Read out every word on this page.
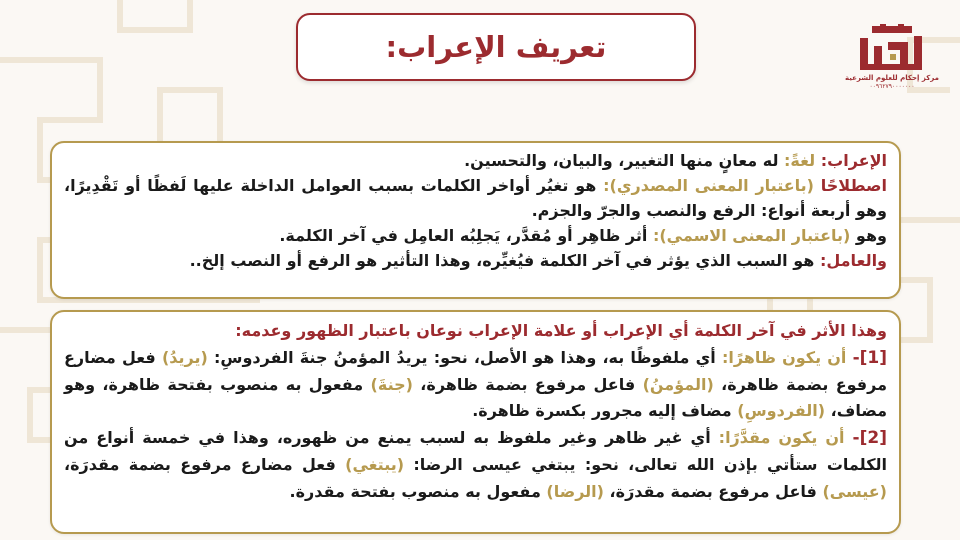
تعريف الإعراب:
مركز إحكام للعلوم الشرعية
٠٠٩٦٢٧٩٠٠٠٠٠٠٠

الإعراب: لغةً: له معانٍ منها التغيير، والبيان، والتحسين.

اصطلاحًا (باعتبار المعنى المصدري): هو تغيُر أواخر الكلمات بسبب العوامل الداخلة عليها لَفظًا أو تَقْدِيرًا، وهو أربعة أنواع: الرفع والنصب والجرّ والجزم.

وهو (باعتبار المعنى الاسمي): أثر ظاهِر أو مُقدَّر، يَجلِبُه العامِل في آخر الكلمة.

والعامل: هو السبب الذي يؤثر في آخر الكلمة فيُغيِّره، وهذا التأثير هو الرفع أو النصب إلخ..

وهذا الأثر في آخر الكلمة أي الإعراب أو علامة الإعراب نوعان باعتبار الظهور وعدمه:

[1]- أن يكون ظاهرًا: أي ملفوظًا به، وهذا هو الأصل، نحو: يريدُ المؤمنُ جنةَ الفردوسِ: (يريدُ) فعل مضارع مرفوع بضمة ظاهرة، (المؤمنُ) فاعل مرفوع بضمة ظاهرة، (جنةَ) مفعول به منصوب بفتحة ظاهرة، وهو مضاف، (الفردوسِ) مضاف إليه مجرور بكسرة ظاهرة.

[2]- أن يكون مقدَّرًا: أي غير ظاهر وغير ملفوظ به لسبب يمنع من ظهوره، وهذا في خمسة أنواع من الكلمات ستأتي بإذن الله تعالى، نحو: يبتغي عيسى الرضا: (يبتغي) فعل مضارع مرفوع بضمة مقدرَة، (عيسى) فاعل مرفوع بضمة مقدرَة، (الرضا) مفعول به منصوب بفتحة مقدرة.
